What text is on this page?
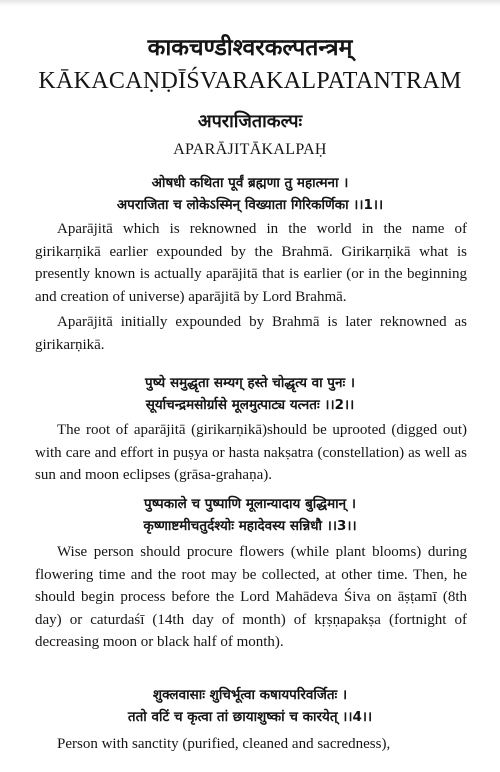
काकचण्डीश्वरकल्पतन्त्रम्
KĀKACAṆḌĪŚVARAKALPATANTRAM
अपराजिताकल्पः
APARĀJITĀKALPAḤ
ओषधी कथिता पूर्वं ब्रह्मणा तु महात्मना ।
अपराजिता च लोकेऽस्मिन् विख्याता गिरिकर्णिका ।।1।।
Aparājitā which is reknowned in the world in the name of girikarṇikā earlier expounded by the Brahmā. Girikarṇikā what is presently known is actually aparājitā that is earlier (or in the beginning and creation of universe) aparājitā by Lord Brahmā.
Aparājitā initially expounded by Brahmā is later reknowned as girikarṇikā.
पुष्ये समुद्धृता सम्यग् हस्ते चोद्धृत्य वा पुनः ।
सूर्याचन्द्रमसोर्ग्रासे मूलमुत्पाट्य यत्नतः ।।2।।
The root of aparājitā (girikarṇikā)should be uprooted (digged out) with care and effort in puṣya or hasta nakṣatra (constellation) as well as sun and moon eclipses (grāsa-grahaṇa).
पुष्पकाले च पुष्पाणि मूलान्यादाय बुद्धिमान् ।
कृष्णाष्टमीचतुर्दश्योः महादेवस्य सन्निधौ ।।3।।
Wise person should procure flowers (while plant blooms) during flowering time and the root may be collected, at other time. Then, he should begin process before the Lord Mahādeva Śiva on āṣṭamī (8th day) or caturdaśī (14th day of month) of kṛṣṇapakṣa (fortnight of decreasing moon or black half of month).
शुक्लवासाः शुचिर्भूत्वा कषायपरिवर्जितः ।
ततो वटिं च कृत्वा तां छायाशुष्कां च कारयेत् ।।4।।
Person with sanctity (purified, cleaned and sacredness),
